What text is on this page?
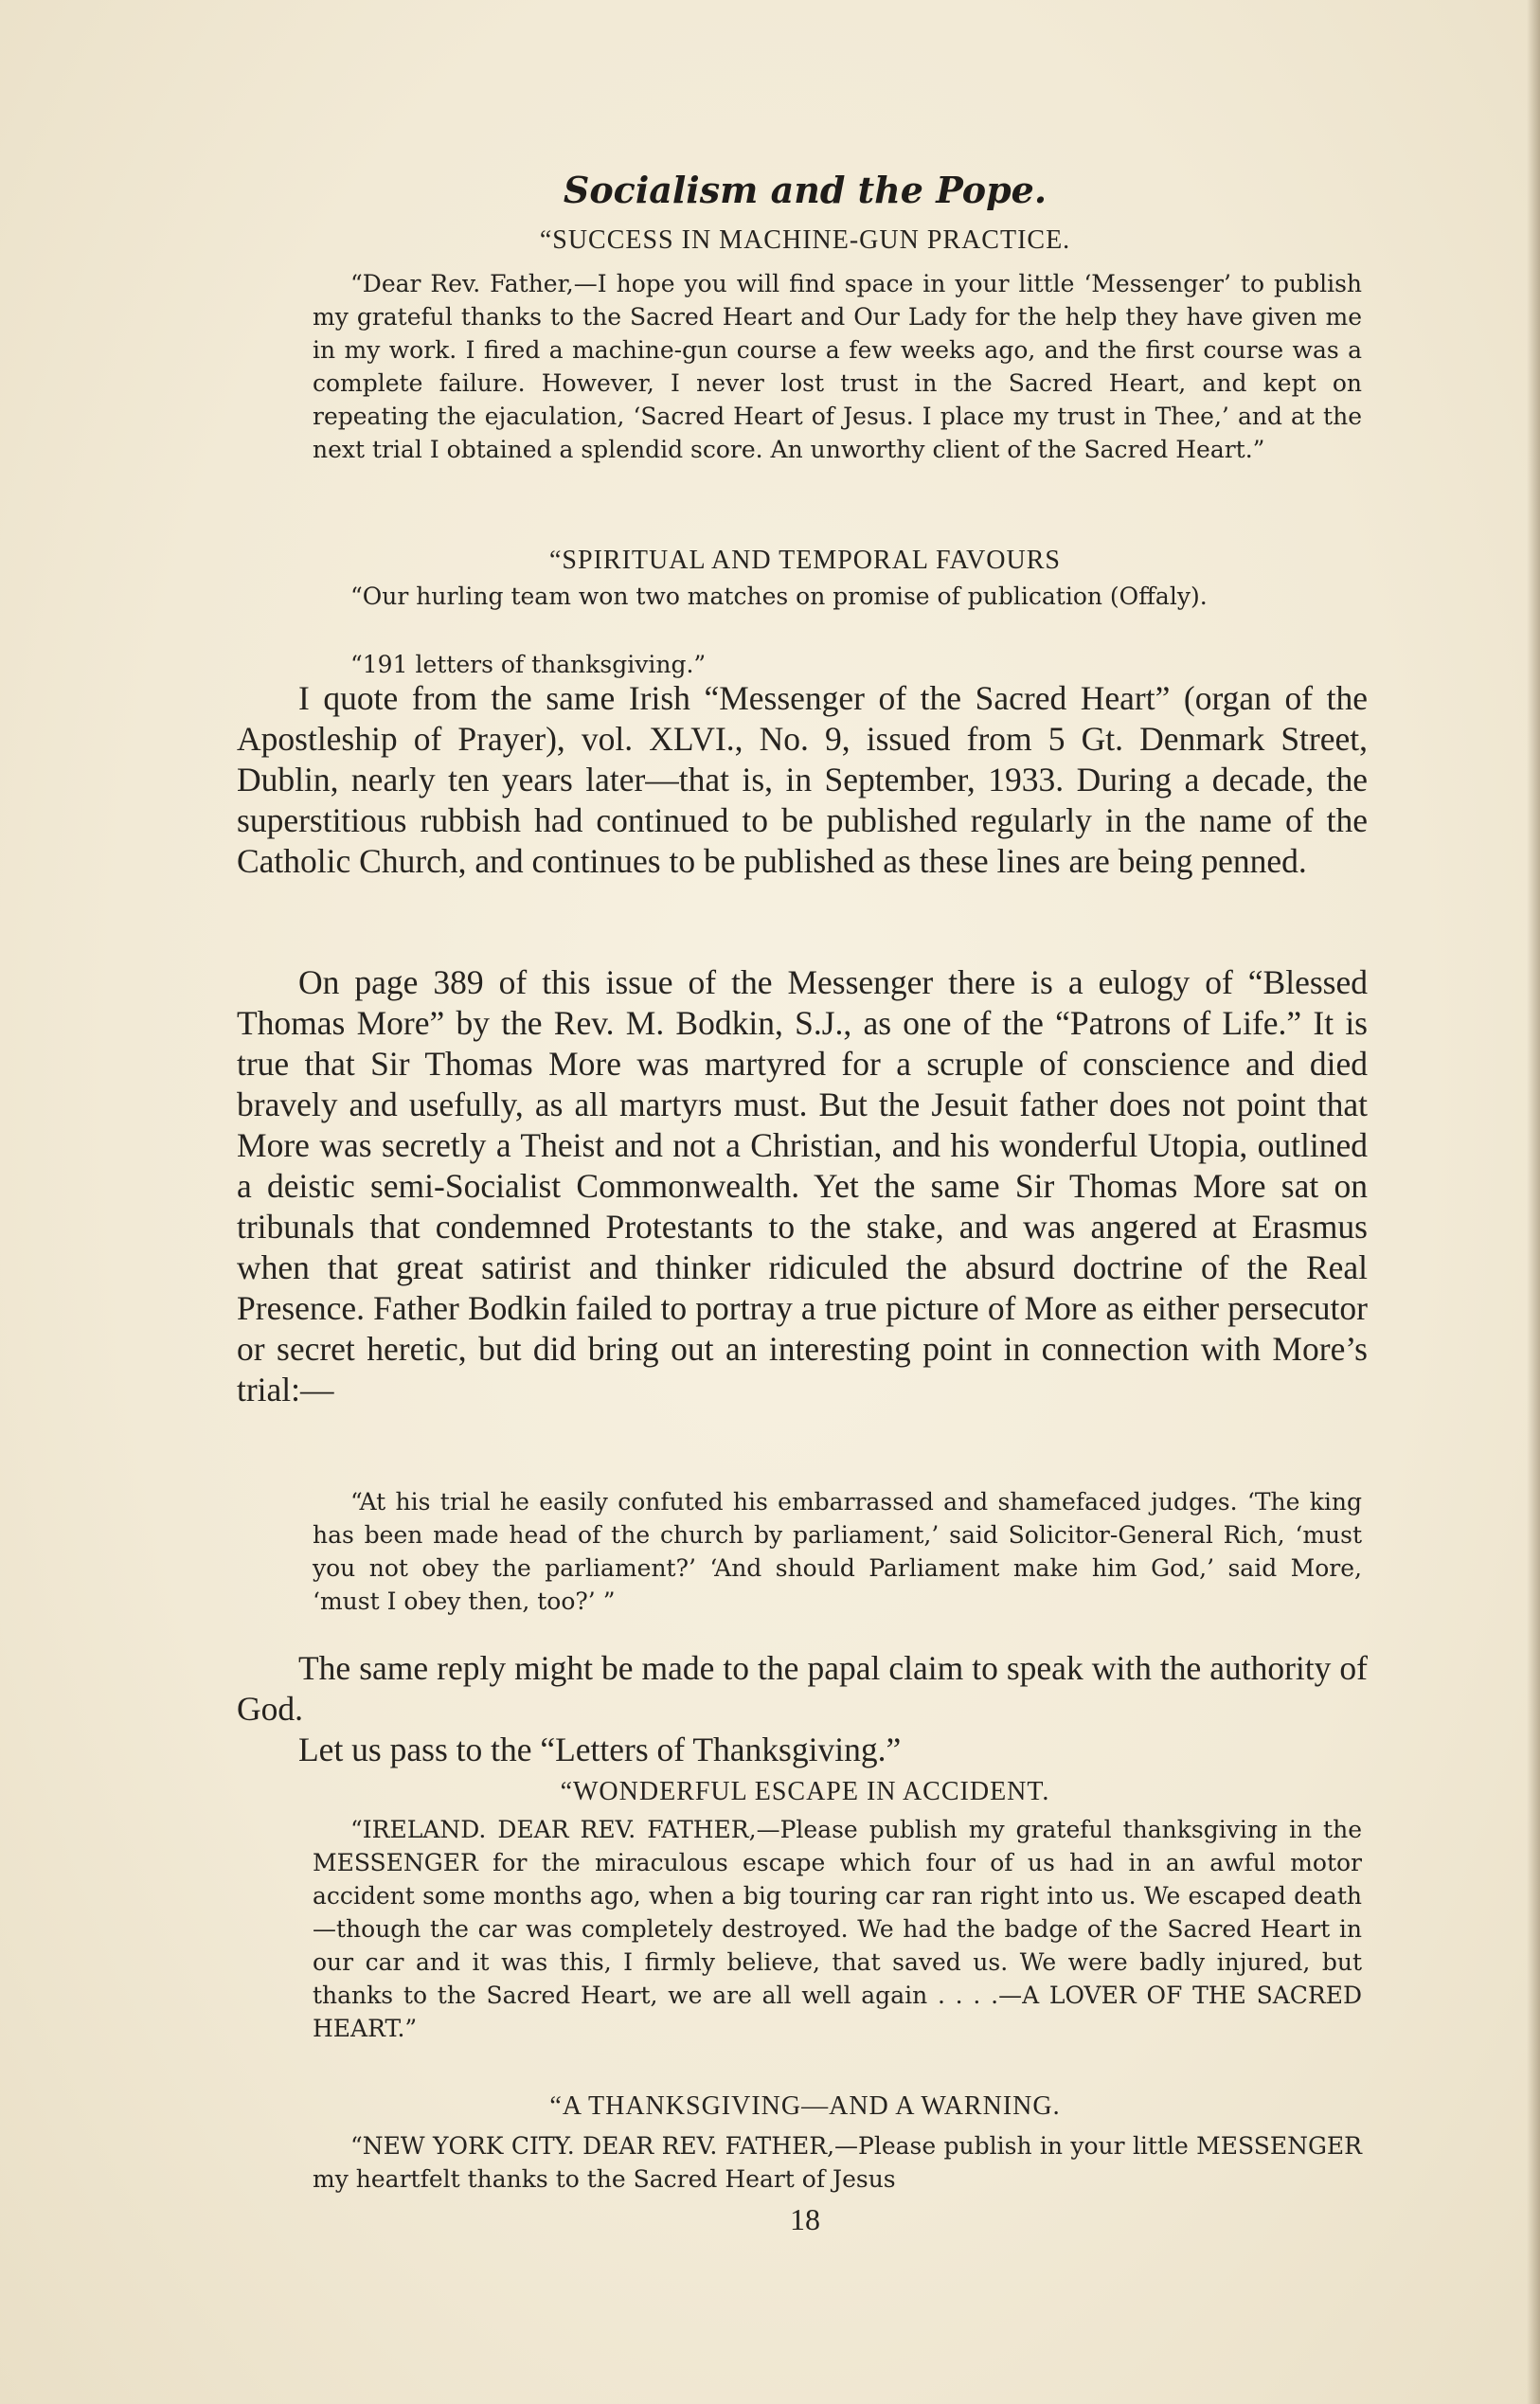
Socialism and the Pope.

“SUCCESS IN MACHINE-GUN PRACTICE.

“Dear Rev. Father,—I hope you will find space in your little ‘Messenger’ to publish my grateful thanks to the Sacred Heart and Our Lady for the help they have given me in my work. I fired a machine-gun course a few weeks ago, and the first course was a complete failure. However, I never lost trust in the Sacred Heart, and kept on repeating the ejaculation, ‘Sacred Heart of Jesus. I place my trust in Thee,’ and at the next trial I obtained a splendid score. An unworthy client of the Sacred Heart.”

“SPIRITUAL AND TEMPORAL FAVOURS

“Our hurling team won two matches on promise of publication (Offaly).

“191 letters of thanksgiving.”

I quote from the same Irish “Messenger of the Sacred Heart” (organ of the Apostleship of Prayer), vol. XLVI., No. 9, issued from 5 Gt. Denmark Street, Dublin, nearly ten years later—that is, in September, 1933. During a decade, the superstitious rubbish had continued to be published regularly in the name of the Catholic Church, and continues to be published as these lines are being penned.

On page 389 of this issue of the Messenger there is a eulogy of “Blessed Thomas More” by the Rev. M. Bodkin, S.J., as one of the “Patrons of Life.” It is true that Sir Thomas More was martyred for a scruple of conscience and died bravely and usefully, as all martyrs must. But the Jesuit father does not point that More was secretly a Theist and not a Christian, and his wonderful Utopia, outlined a deistic semi-Socialist Commonwealth. Yet the same Sir Thomas More sat on tribunals that condemned Protestants to the stake, and was angered at Erasmus when that great satirist and thinker ridiculed the absurd doctrine of the Real Presence. Father Bodkin failed to portray a true picture of More as either persecutor or secret heretic, but did bring out an interesting point in connection with More’s trial:—

“At his trial he easily confuted his embarrassed and shamefaced judges. ‘The king has been made head of the church by parliament,’ said Solicitor-General Rich, ‘must you not obey the parliament?’ ‘And should Parliament make him God,’ said More, ‘must I obey then, too?’ ”

The same reply might be made to the papal claim to speak with the authority of God.

Let us pass to the “Letters of Thanksgiving.”

“WONDERFUL ESCAPE IN ACCIDENT.

“IRELAND. DEAR REV. FATHER,—Please publish my grateful thanksgiving in the MESSENGER for the miraculous escape which four of us had in an awful motor accident some months ago, when a big touring car ran right into us. We escaped death—though the car was completely destroyed. We had the badge of the Sacred Heart in our car and it was this, I firmly believe, that saved us. We were badly injured, but thanks to the Sacred Heart, we are all well again . . . .—A LOVER OF THE SACRED HEART.”

“A THANKSGIVING—AND A WARNING.

“NEW YORK CITY. DEAR REV. FATHER,—Please publish in your little MESSENGER my heartfelt thanks to the Sacred Heart of Jesus

18
